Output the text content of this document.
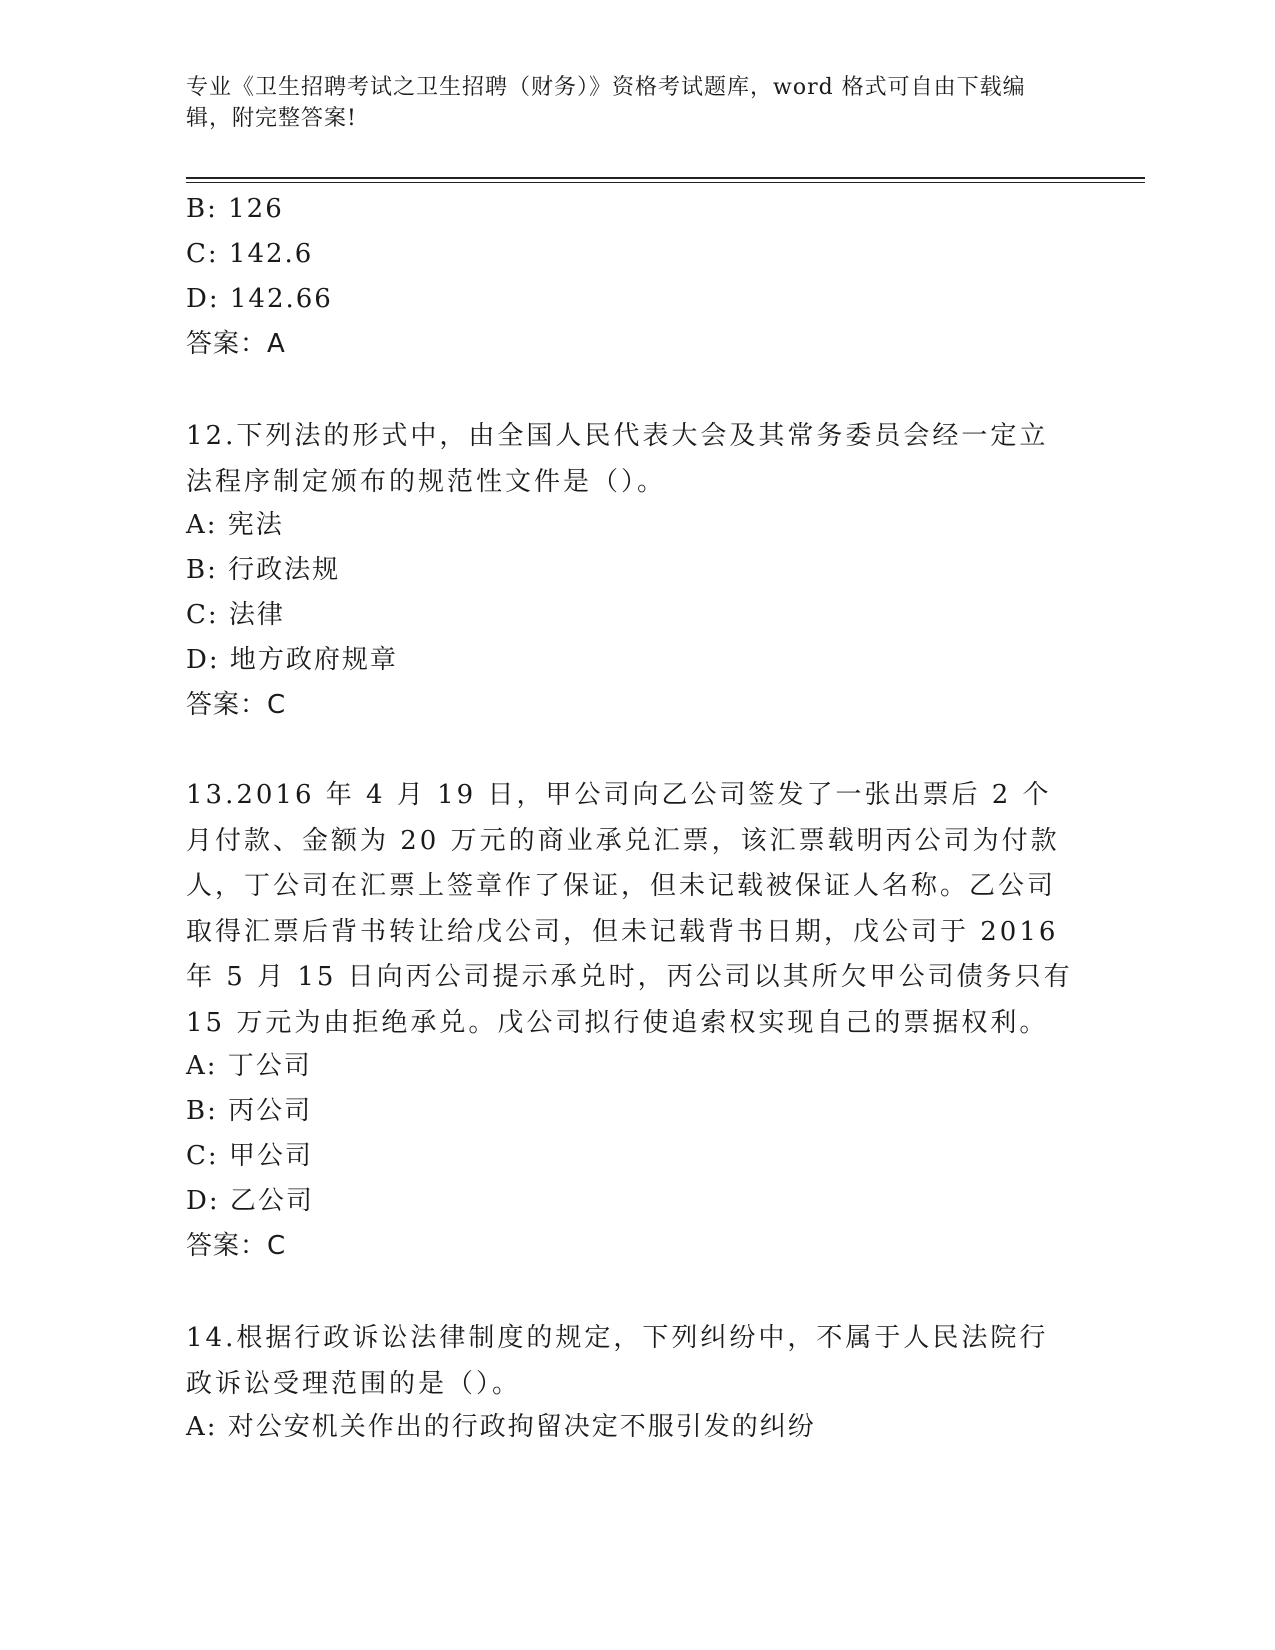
专业《卫生招聘考试之卫生招聘（财务）》资格考试题库，word 格式可自由下载编辑，附完整答案!
B: 126
C: 142.6
D: 142.66
答案：A
12.下列法的形式中，由全国人民代表大会及其常务委员会经一定立法程序制定颁布的规范性文件是（）。
A: 宪法
B: 行政法规
C: 法律
D: 地方政府规章
答案：C
13.2016 年 4 月 19 日，甲公司向乙公司签发了一张出票后 2 个月付款、金额为 20 万元的商业承兑汇票，该汇票载明丙公司为付款人，丁公司在汇票上签章作了保证，但未记载被保证人名称。乙公司取得汇票后背书转让给戊公司，但未记载背书日期，戊公司于 2016 年 5 月 15 日向丙公司提示承兑时，丙公司以其所欠甲公司债务只有 15 万元为由拒绝承兑。戊公司拟行使追索权实现自己的票据权利。
A: 丁公司
B: 丙公司
C: 甲公司
D: 乙公司
答案：C
14.根据行政诉讼法律制度的规定，下列纠纷中，不属于人民法院行政诉讼受理范围的是（）。
A: 对公安机关作出的行政拘留决定不服引发的纠纷
